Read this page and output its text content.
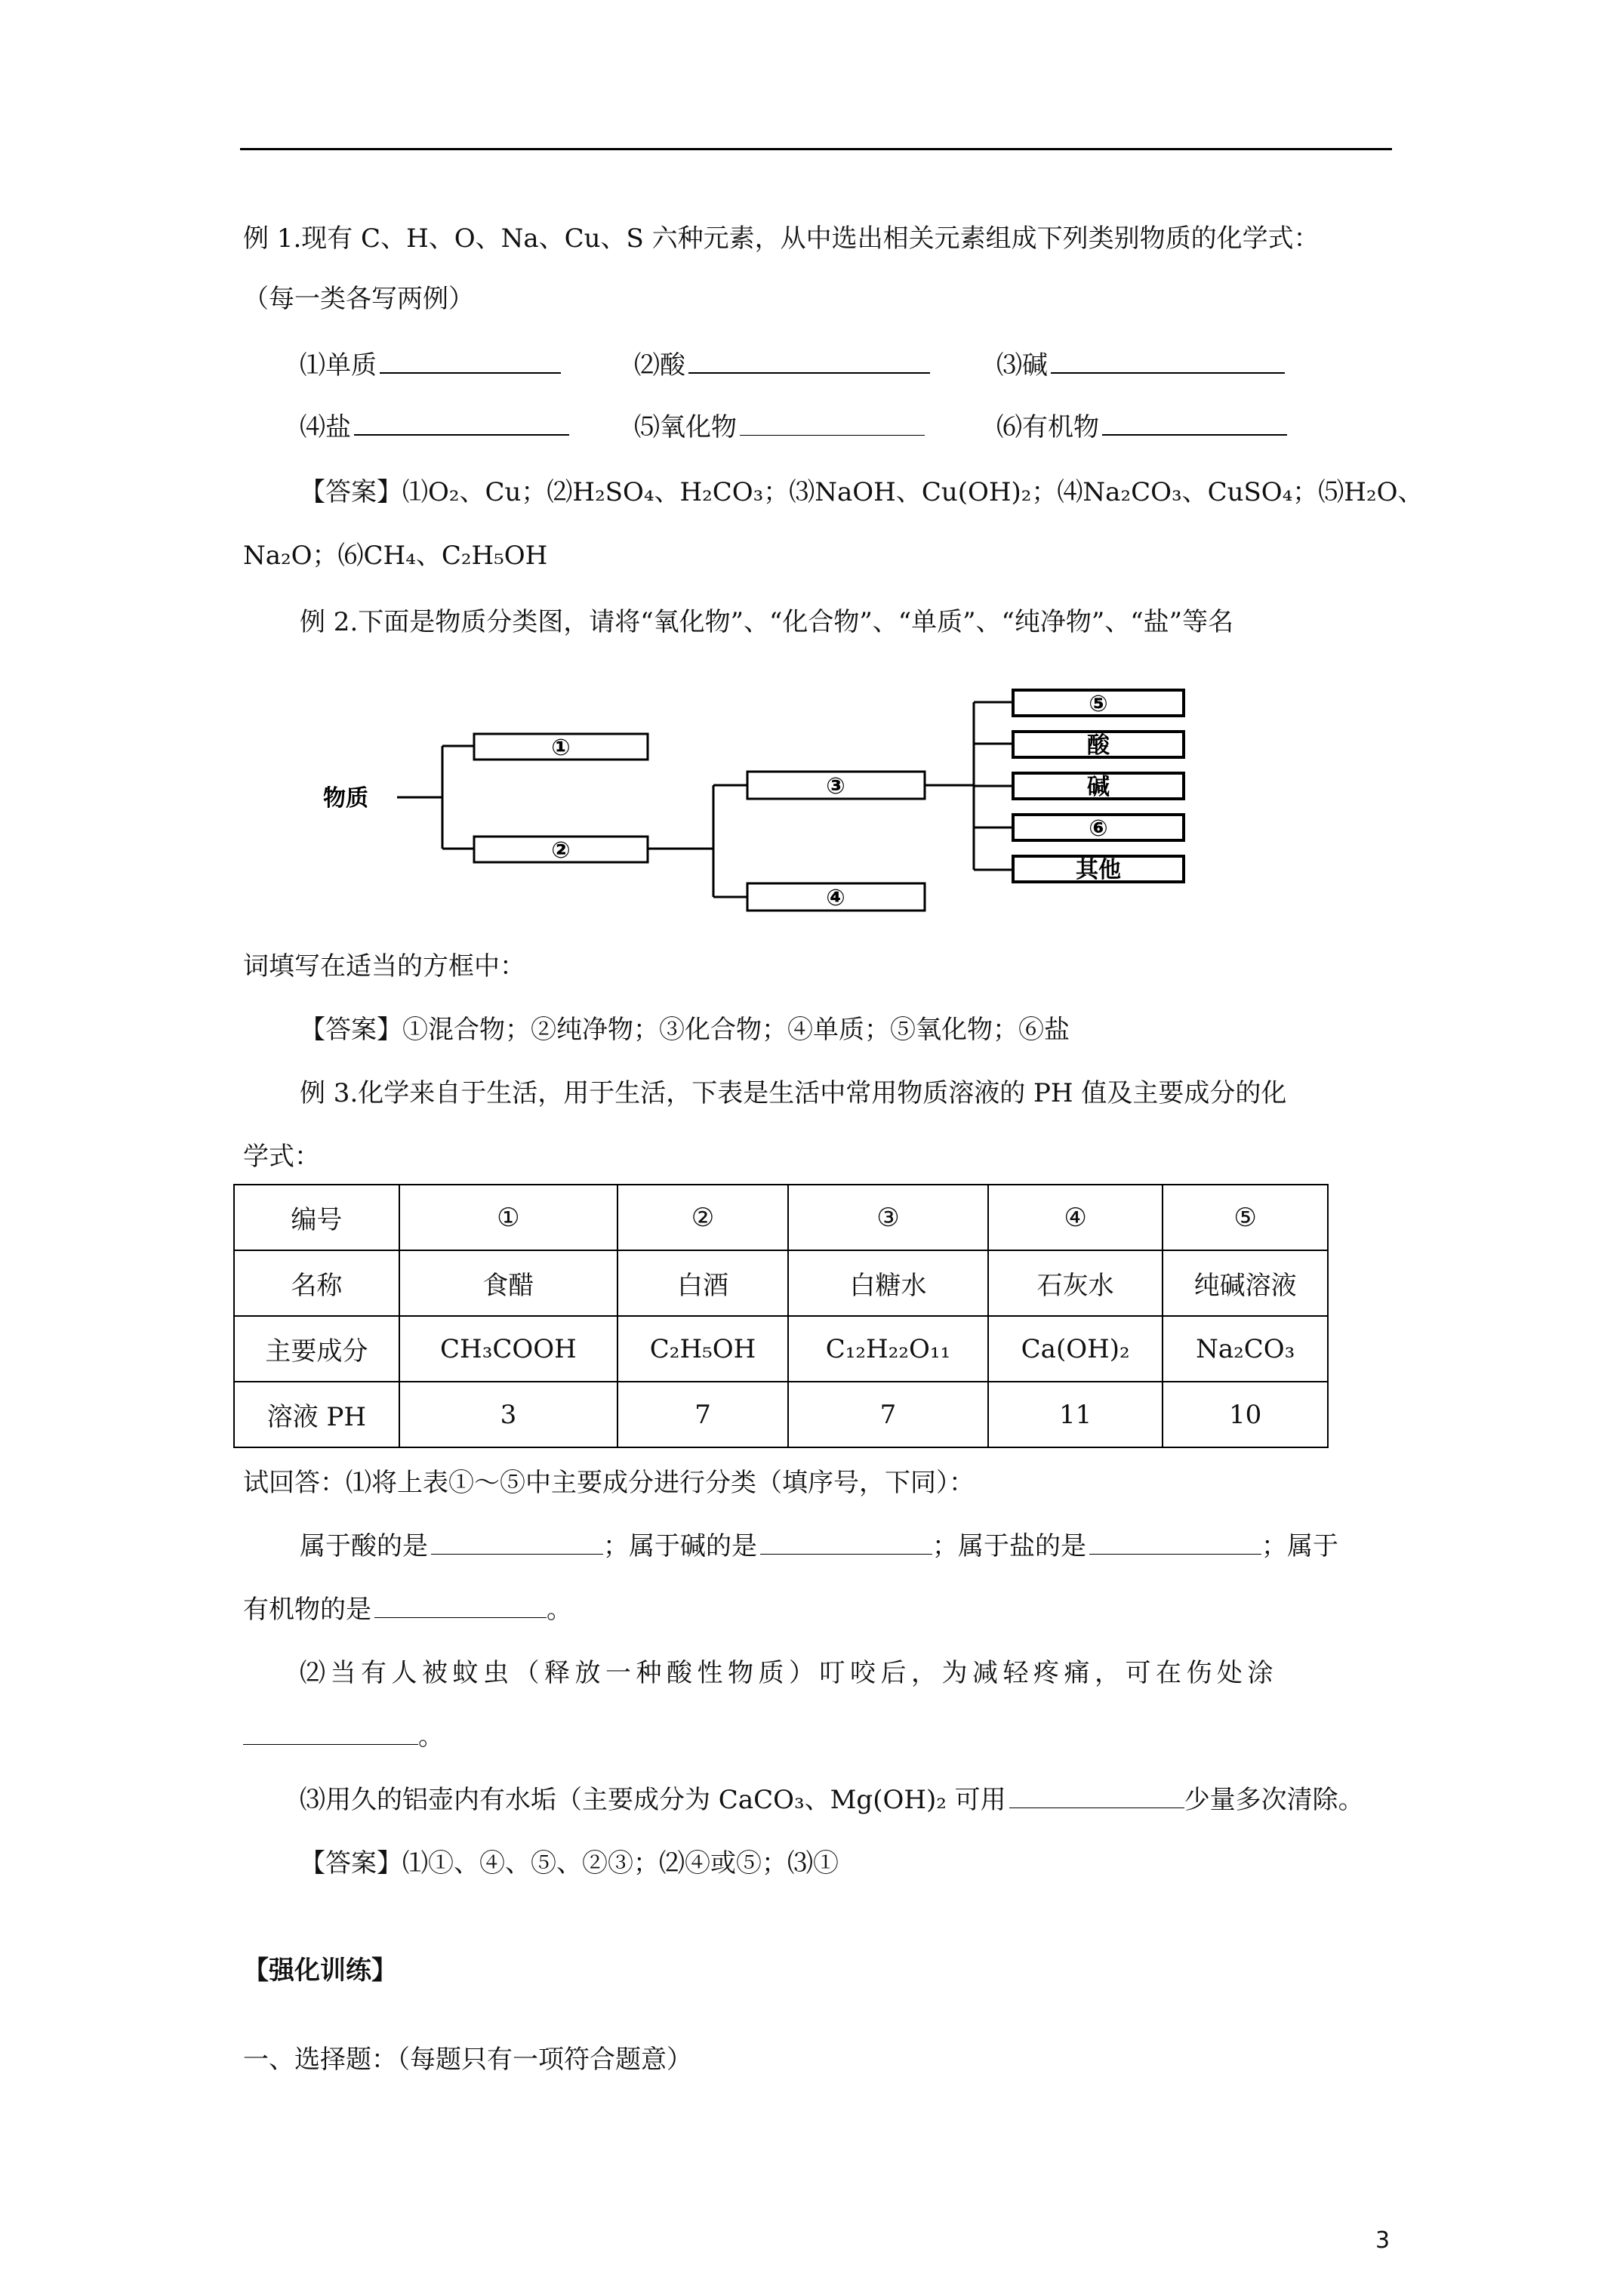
例 1.现有 C、H、O、Na、Cu、S 六种元素，从中选出相关元素组成下列类别物质的化学式：
（每一类各写两例）
⑴单质	⑵酸	⑶碱
⑷盐	⑸氧化物	⑹有机物
【答案】⑴O₂、Cu；⑵H₂SO₄、H₂CO₃；⑶NaOH、Cu(OH)₂；⑷Na₂CO₃、CuSO₄；⑸H₂O、
Na₂O；⑹CH₄、C₂H₅OH
例 2.下面是物质分类图，请将“氧化物”、“化合物”、“单质”、“纯净物”、“盐”等名
物质
①
②
③
④
⑤
酸
碱
⑥
其他
词填写在适当的方框中：
【答案】①混合物；②纯净物；③化合物；④单质；⑤氧化物；⑥盐
例 3.化学来自于生活，用于生活，下表是生活中常用物质溶液的 PH 值及主要成分的化
学式：
编号	①	②	③	④	⑤
名称	食醋	白酒	白糖水	石灰水	纯碱溶液
主要成分	CH₃COOH	C₂H₅OH	C₁₂H₂₂O₁₁	Ca(OH)₂	Na₂CO₃
溶液 PH	3	7	7	11	10
试回答：⑴将上表①～⑤中主要成分进行分类（填序号，下同）：
属于酸的是	；属于碱的是	；属于盐的是	；属于
有机物的是	。
⑵当有人被蚊虫（释放一种酸性物质）叮咬后，为减轻疼痛，可在伤处涂
。
⑶用久的铝壶内有水垢（主要成分为 CaCO₃、Mg(OH)₂ 可用	少量多次清除。
【答案】⑴①、④、⑤、②③；⑵④或⑤；⑶①
【强化训练】
一、选择题：（每题只有一项符合题意）
3
